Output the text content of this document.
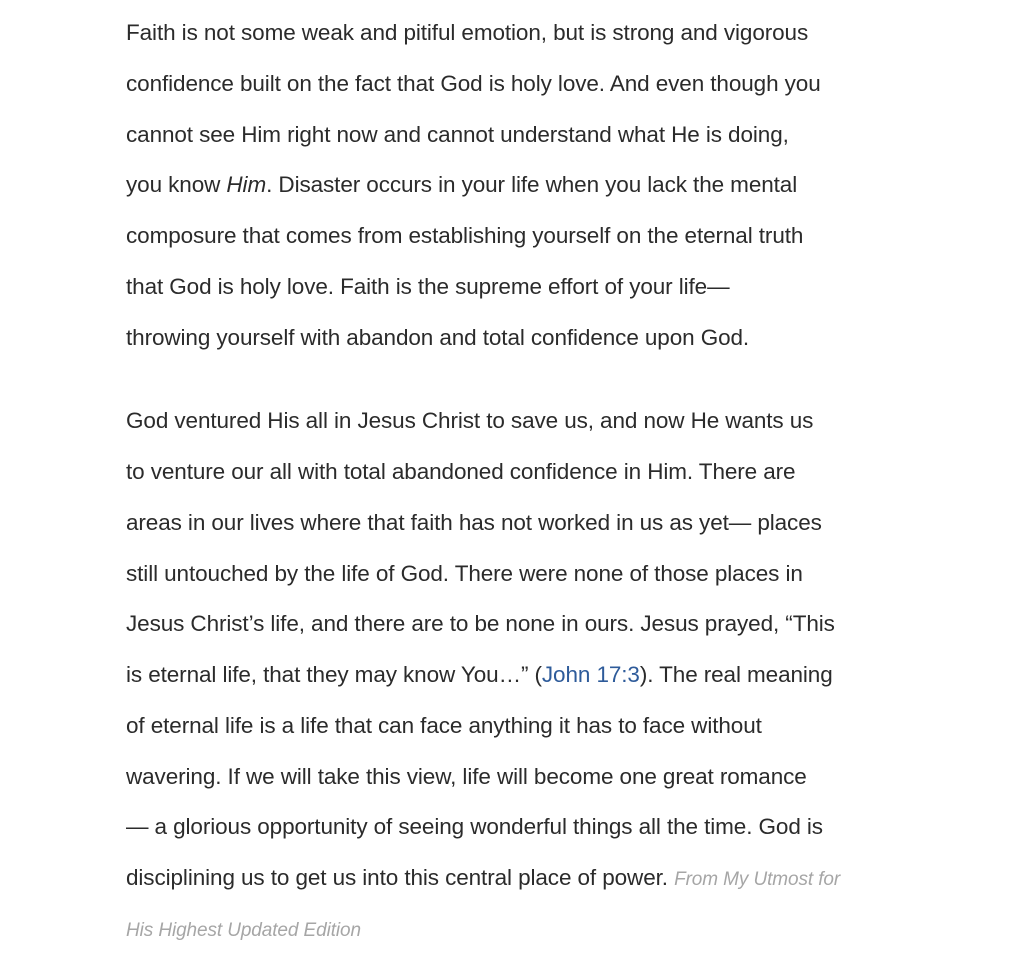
Faith is not some weak and pitiful emotion, but is strong and vigorous
confidence built on the fact that God is holy love. And even though you
cannot see Him right now and cannot understand what He is doing,
you know Him. Disaster occurs in your life when you lack the mental
composure that comes from establishing yourself on the eternal truth
that God is holy love. Faith is the supreme effort of your life—
throwing yourself with abandon and total confidence upon God.
God ventured His all in Jesus Christ to save us, and now He wants us
to venture our all with total abandoned confidence in Him. There are
areas in our lives where that faith has not worked in us as yet— places
still untouched by the life of God. There were none of those places in
Jesus Christ’s life, and there are to be none in ours. Jesus prayed, “This
is eternal life, that they may know You…” (John 17:3). The real meaning
of eternal life is a life that can face anything it has to face without
wavering. If we will take this view, life will become one great romance
— a glorious opportunity of seeing wonderful things all the time. God is
disciplining us to get us into this central place of power. From My Utmost for
His Highest Updated Edition
